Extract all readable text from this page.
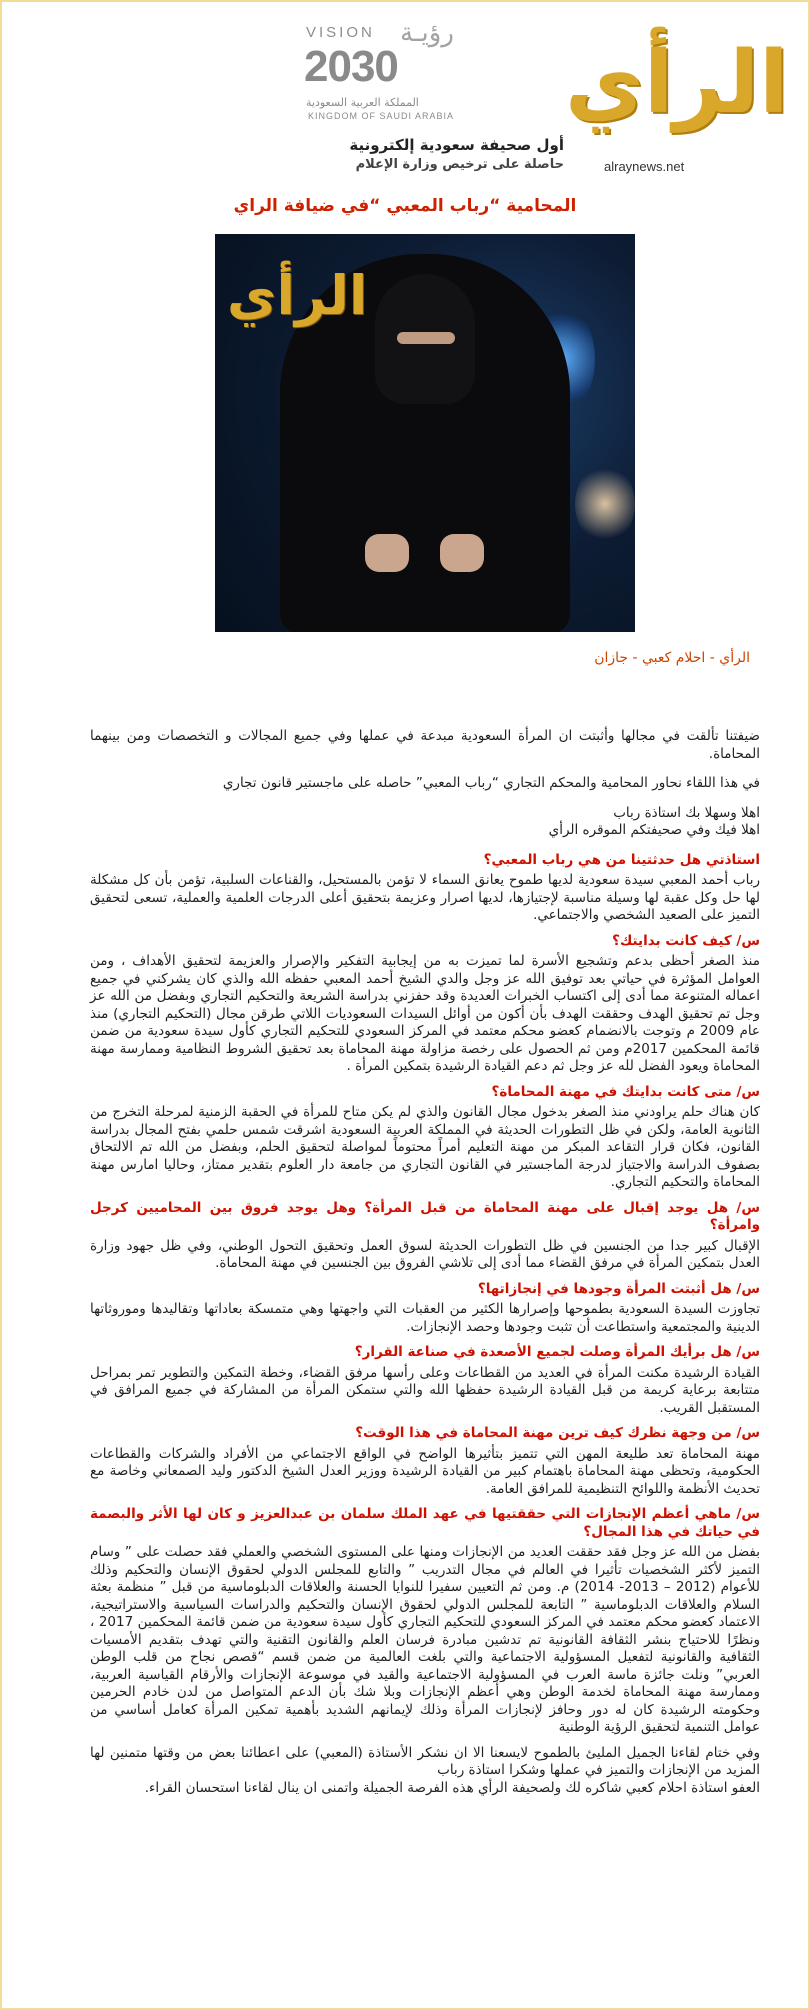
VISION رؤيـة
2030
المملكة العربية السعودية
KINGDOM OF SAUDI ARABIA الرأي
alraynews.net
أول صحيفة سعودية إلكترونية
حاصلة على ترخيص وزارة الإعلام
المحامية “رباب المعبي “في ضيافة الراي
الرأي
الرأي - احلام كعبي - جازان

ضيفتنا تألقت في مجالها وأثبتت ان المرأة السعودية مبدعة في عملها وفي جميع المجالات و التخصصات ومن بينهما المحاماة.

في هذا اللقاء نحاور المحامية والمحكم التجاري “رباب المعبي” حاصله على ماجستير قانون تجاري

اهلا وسهلا بك استاذة رباب

اهلا فيك وفي صحيفتكم الموقره الرأي

استاذتي هل حدثتينا من هي رباب المعبي؟
رباب أحمد المعبي سيدة سعودية لديها طموح يعانق السماء لا تؤمن بالمستحيل، والقناعات السلبية، تؤمن بأن كل مشكلة لها حل وكل عقبة لها وسيلة مناسبة لإجتيازها، لديها اصرار وعزيمة بتحقيق أعلى الدرجات العلمية والعملية، تسعى لتحقيق التميز على الصعيد الشخصي والاجتماعي.
س/ كيف كانت بدايتك؟
منذ الصغر أحظى بدعم وتشجيع الأسرة لما تميزت به من إيجابية التفكير والإصرار والعزيمة لتحقيق الأهداف ، ومن العوامل المؤثرة في حياتي بعد توفيق الله عز وجل والدي الشيخ أحمد المعبي حفظه الله والذي كان يشركني في جميع اعماله المتنوعة مما أدى إلى اكتساب الخبرات العديدة وقد حفزني بدراسة الشريعة والتحكيم التجاري وبفضل من الله عز وجل تم تحقيق الهدف وحققت الهدف بأن أكون من أوائل السيدات السعوديات اللاتي طرقن مجال (التحكيم التجاري) منذ عام 2009 م وتوجت بالانضمام كعضو محكم معتمد في المركز السعودي للتحكيم التجاري كأول سيدة سعودية من ضمن قائمة المحكمين 2017م ومن ثم الحصول على رخصة مزاولة مهنة المحاماة بعد تحقيق الشروط النظامية وممارسة مهنة المحاماة ويعود الفضل لله عز وجل ثم دعم القيادة الرشيدة بتمكين المرأة .
س/ متى كانت بدايتك في مهنة المحاماة؟
كان هناك حلم يراودني منذ الصغر بدخول مجال القانون والذي لم يكن متاح للمرأة في الحقبة الزمنية لمرحلة التخرج من الثانوية العامة، ولكن في ظل التطورات الحديثة في المملكة العربية السعودية اشرقت شمس حلمي بفتح المجال بدراسة القانون، فكان قرار التقاعد المبكر من مهنة التعليم أمراً محتوماً لمواصلة لتحقيق الحلم، وبفضل من الله تم الالتحاق بصفوف الدراسة والاجتياز لدرجة الماجستير في القانون التجاري من جامعة دار العلوم بتقدير ممتاز، وحاليا امارس مهنة المحاماة والتحكيم التجاري.
س/ هل يوجد إقبال على مهنة المحاماة من قبل المرأة؟ وهل يوجد فروق بين المحاميين كرجل وامرأة؟
الإقبال كبير جدا من الجنسين في ظل التطورات الحديثة لسوق العمل وتحقيق التحول الوطني، وفي ظل جهود وزارة العدل بتمكين المرأة في مرفق القضاء مما أدى إلى تلاشي الفروق بين الجنسين في مهنة المحاماة.
س/ هل أثبتت المرأة وجودها في إنجازاتها؟
تجاوزت السيدة السعودية بطموحها وإصرارها الكثير من العقبات التي واجهتها وهي متمسكة بعاداتها وتقاليدها وموروثاتها الدينية والمجتمعية واستطاعت أن تثبت وجودها وحصد الإنجازات.
س/ هل برأيك المرأة وصلت لجميع الأصعدة في صناعة القرار؟
القيادة الرشيدة مكنت المرأة في العديد من القطاعات وعلى رأسها مرفق القضاء، وخطة التمكين والتطوير تمر بمراحل متتابعة برعاية كريمة من قبل القيادة الرشيدة حفظها الله والتي ستمكن المرأة من المشاركة في جميع المرافق في المستقبل القريب.
س/ من وجهة نظرك كيف ترين مهنة المحاماة في هذا الوقت؟
مهنة المحاماة تعد طليعة المهن التي تتميز بتأثيرها الواضح في الواقع الاجتماعي من الأفراد والشركات والقطاعات الحكومية، وتحظى مهنة المحاماة باهتمام كبير من القيادة الرشيدة ووزير العدل الشيخ الدكتور وليد الصمعاني وخاصة مع تحديث الأنظمة واللوائح التنظيمية للمرافق العامة.
س/ ماهي أعظم الإنجازات التي حققتيها في عهد الملك سلمان بن عبدالعزيز و كان لها الأثر والبصمة في حياتك في هذا المجال؟
بفضل من الله عز وجل فقد حققت العديد من الإنجازات ومنها على المستوى الشخصي والعملي فقد حصلت على ” وسام التميز لأكثر الشخصيات تأثيرا في العالم في مجال التدريب ” والتابع للمجلس الدولي لحقوق الإنسان والتحكيم وذلك للأعوام (2012 – 2013- 2014) م. ومن ثم التعيين سفيرا للنوايا الحسنة والعلاقات الدبلوماسية من قبل ” منظمة بعثة السلام والعلاقات الدبلوماسية ” التابعة للمجلس الدولي لحقوق الإنسان والتحكيم والدراسات السياسية والاستراتيجية، الاعتماد كعضو محكم معتمد في المركز السعودي للتحكيم التجاري كأول سيدة سعودية من ضمن قائمة المحكمين 2017 ، ونظرًا للاحتياج بنشر الثقافة القانونية تم تدشين مبادرة فرسان العلم والقانون التقنية والتي تهدف بتقديم الأمسيات الثقافية والقانونية لتفعيل المسؤولية الاجتماعية والتي بلغت العالمية من ضمن قسم “قصص نجاح من قلب الوطن العربي” ونلت جائزة ماسة العرب في المسؤولية الاجتماعية والقيد في موسوعة الإنجازات والأرقام القياسية العربية، وممارسة مهنة المحاماة لخدمة الوطن وهي أعظم الإنجازات وبلا شك بأن الدعم المتواصل من لدن خادم الحرمين وحكومته الرشيدة كان له دور وحافز لإنجازات المرأة وذلك لإيمانهم الشديد بأهمية تمكين المرأة كعامل أساسي من عوامل التنمية لتحقيق الرؤية الوطنية
وفي ختام لقاءنا الجميل المليئ بالطموح لايسعنا الا ان نشكر الأستاذة (المعبي) على اعطائنا بعض من وقتها متمنين لها المزيد من الإنجازات والتميز في عملها وشكرا استاذة رباب
العفو استاذة احلام كعبي شاكره لك ولصحيفة الرأي هذه الفرصة الجميلة واتمنى ان ينال لقاءنا استحسان القراء.
